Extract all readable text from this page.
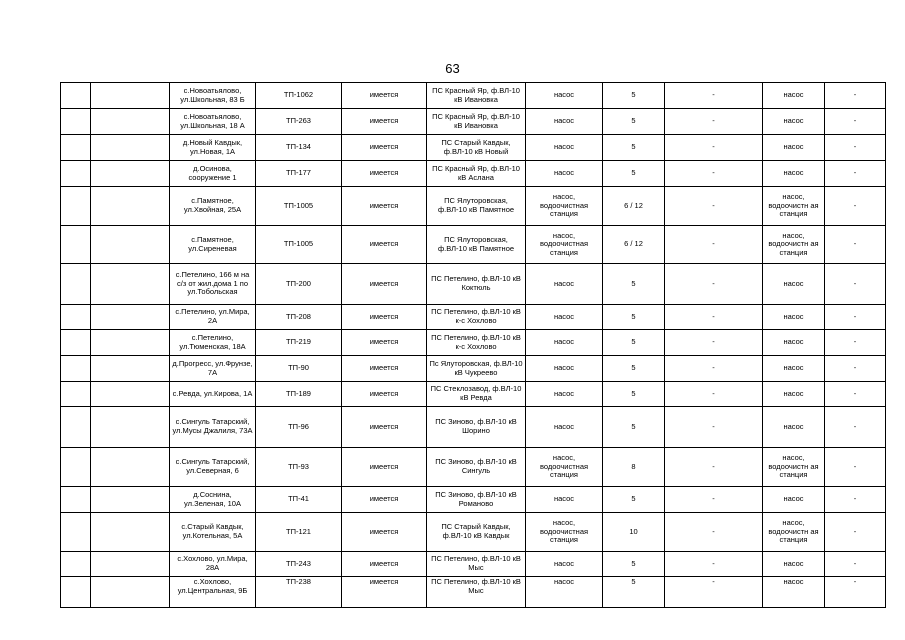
63
		с.Новоатьялово, ул.Школьная, 83 Б	ТП-1062	имеется	ПС Красный Яр, ф.ВЛ-10 кВ Ивановка	насос	5	-	насос	-
		с.Новоатьялово, ул.Школьная, 18 А	ТП-263	имеется	ПС Красный Яр, ф.ВЛ-10 кВ Ивановка	насос	5	-	насос	-
		д.Новый Кавдык, ул.Новая, 1А	ТП-134	имеется	ПС Старый Кавдык, ф.ВЛ-10 кВ Новый	насос	5	-	насос	-
		д.Осинова, сооружение 1	ТП-177	имеется	ПС Красный Яр, ф.ВЛ-10 кВ Аслана	насос	5	-	насос	-
		с.Памятное, ул.Хвойная, 25А	ТП-1005	имеется	ПС Ялуторовская, ф.ВЛ-10 кВ Памятное	насос, водоочистная станция	6 / 12	-	насос, водоочистн ая станция	-
		с.Памятное, ул.Сиреневая	ТП-1005	имеется	ПС Ялуторовская, ф.ВЛ-10 кВ Памятное	насос, водоочистная станция	6 / 12	-	насос, водоочистн ая станция	-
		с.Петелино, 166 м на с/з от жил.дома 1 по ул.Тобольская	ТП-200	имеется	ПС Петелино, ф.ВЛ-10 кВ Коктюль	насос	5	-	насос	-
		с.Петелино, ул.Мира, 2А	ТП-208	имеется	ПС Петелино, ф.ВЛ-10 кВ к-с Хохлово	насос	5	-	насос	-
		с.Петелино, ул.Тюменская, 18А	ТП-219	имеется	ПС Петелино, ф.ВЛ-10 кВ к-с Хохлово	насос	5	-	насос	-
		д.Прогресс, ул.Фрунзе, 7А	ТП-90	имеется	Пс Ялуторовская, ф.ВЛ-10 кВ Чукреево	насос	5	-	насос	-
		с.Ревда, ул.Кирова, 1А	ТП-189	имеется	ПС Стеклозавод, ф.ВЛ-10 кВ Ревда	насос	5	-	насос	-
		с.Сингуль Татарский, ул.Мусы Джалиля, 73А	ТП-96	имеется	ПС Зиново, ф.ВЛ-10 кВ Шорино	насос	5	-	насос	-
		с.Сингуль Татарский, ул.Северная, 6	ТП-93	имеется	ПС Зиново, ф.ВЛ-10 кВ Сингуль	насос, водоочистная станция	8	-	насос, водоочистн ая станция	-
		д.Соснина, ул.Зеленая, 10А	ТП-41	имеется	ПС Зиново, ф.ВЛ-10 кВ Романово	насос	5	-	насос	-
		с.Старый Кавдык, ул.Котельная, 5А	ТП-121	имеется	ПС Старый Кавдык, ф.ВЛ-10 кВ Кавдык	насос, водоочистная станция	10	-	насос, водоочистн ая станция	-
		с.Хохлово, ул.Мира, 28А	ТП-243	имеется	ПС Петелино, ф.ВЛ-10 кВ Мыс	насос	5	-	насос	-
		с.Хохлово, ул.Центральная, 9Б	ТП-238	имеется	ПС Петелино, ф.ВЛ-10 кВ Мыс	насос	5	-	насос	-
